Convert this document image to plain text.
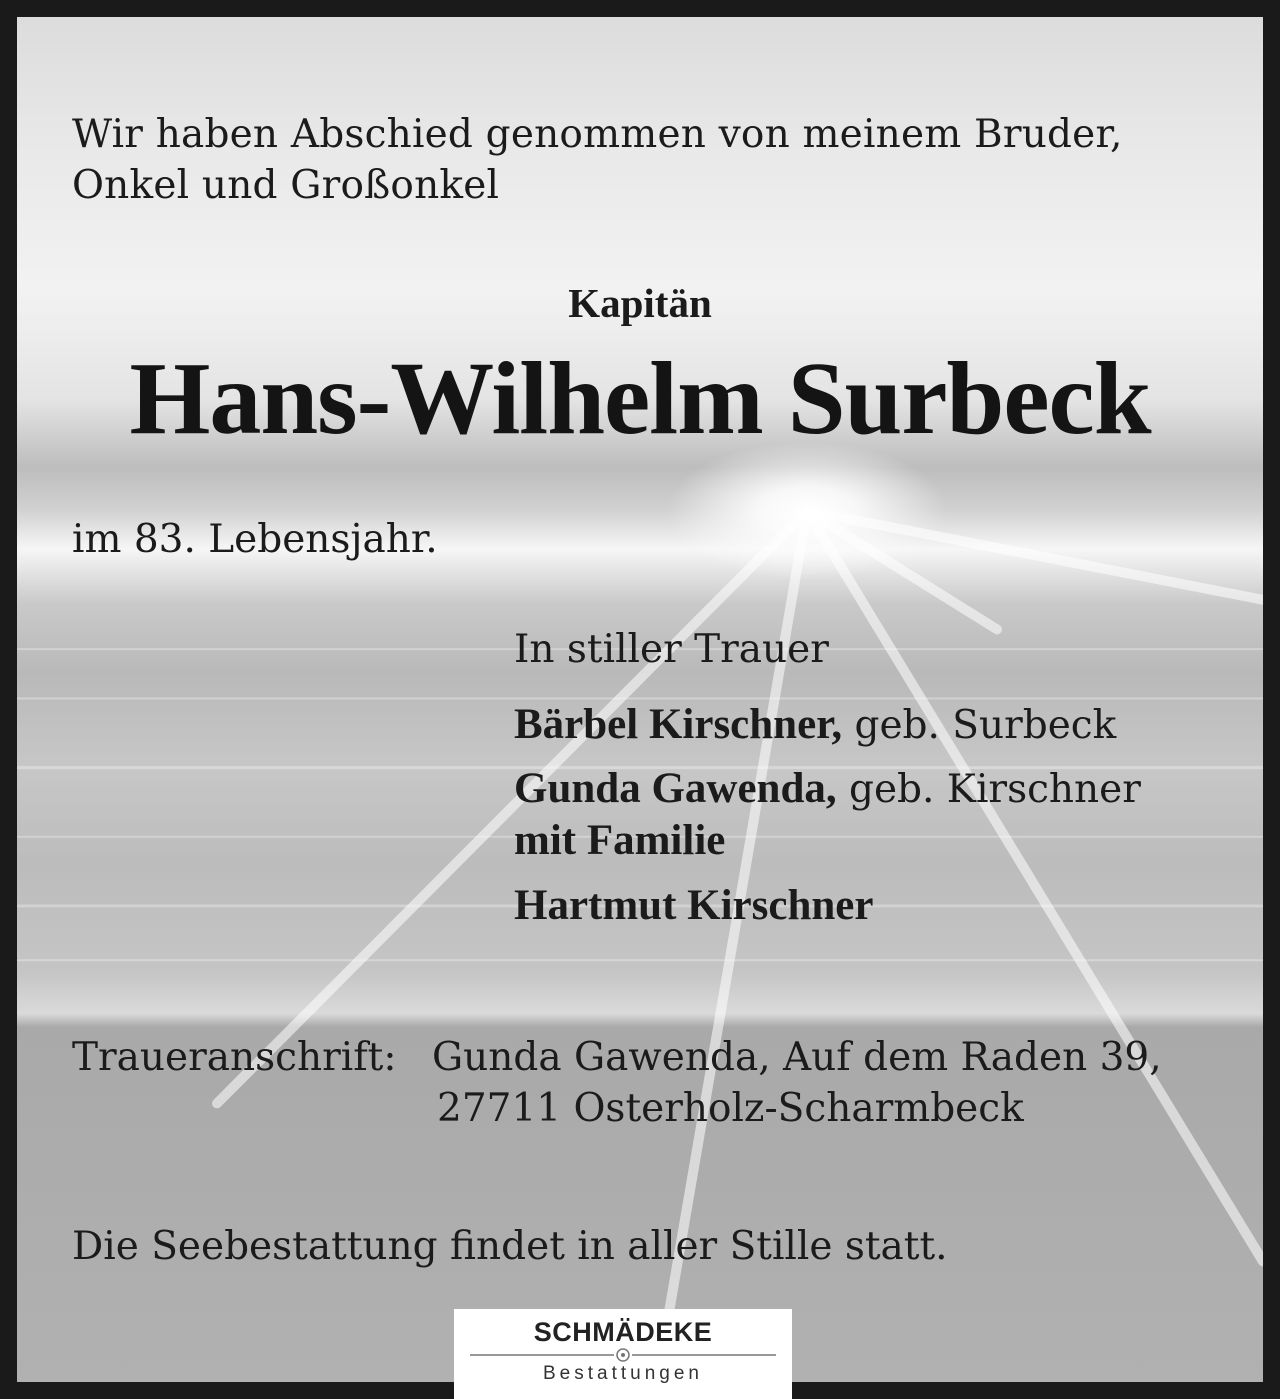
Wir haben Abschied genommen von meinem Bruder,
Onkel und Großonkel
Kapitän
Hans-Wilhelm Surbeck
im 83. Lebensjahr.
In stiller Trauer
Bärbel Kirschner, geb. Surbeck
Gunda Gawenda, geb. Kirschner
mit Familie
Hartmut Kirschner
Traueranschrift: Gunda Gawenda, Auf dem Raden 39,
27711 Osterholz-Scharmbeck
Die Seebestattung findet in aller Stille statt.
SCHMÄDEKE
Bestattungen
